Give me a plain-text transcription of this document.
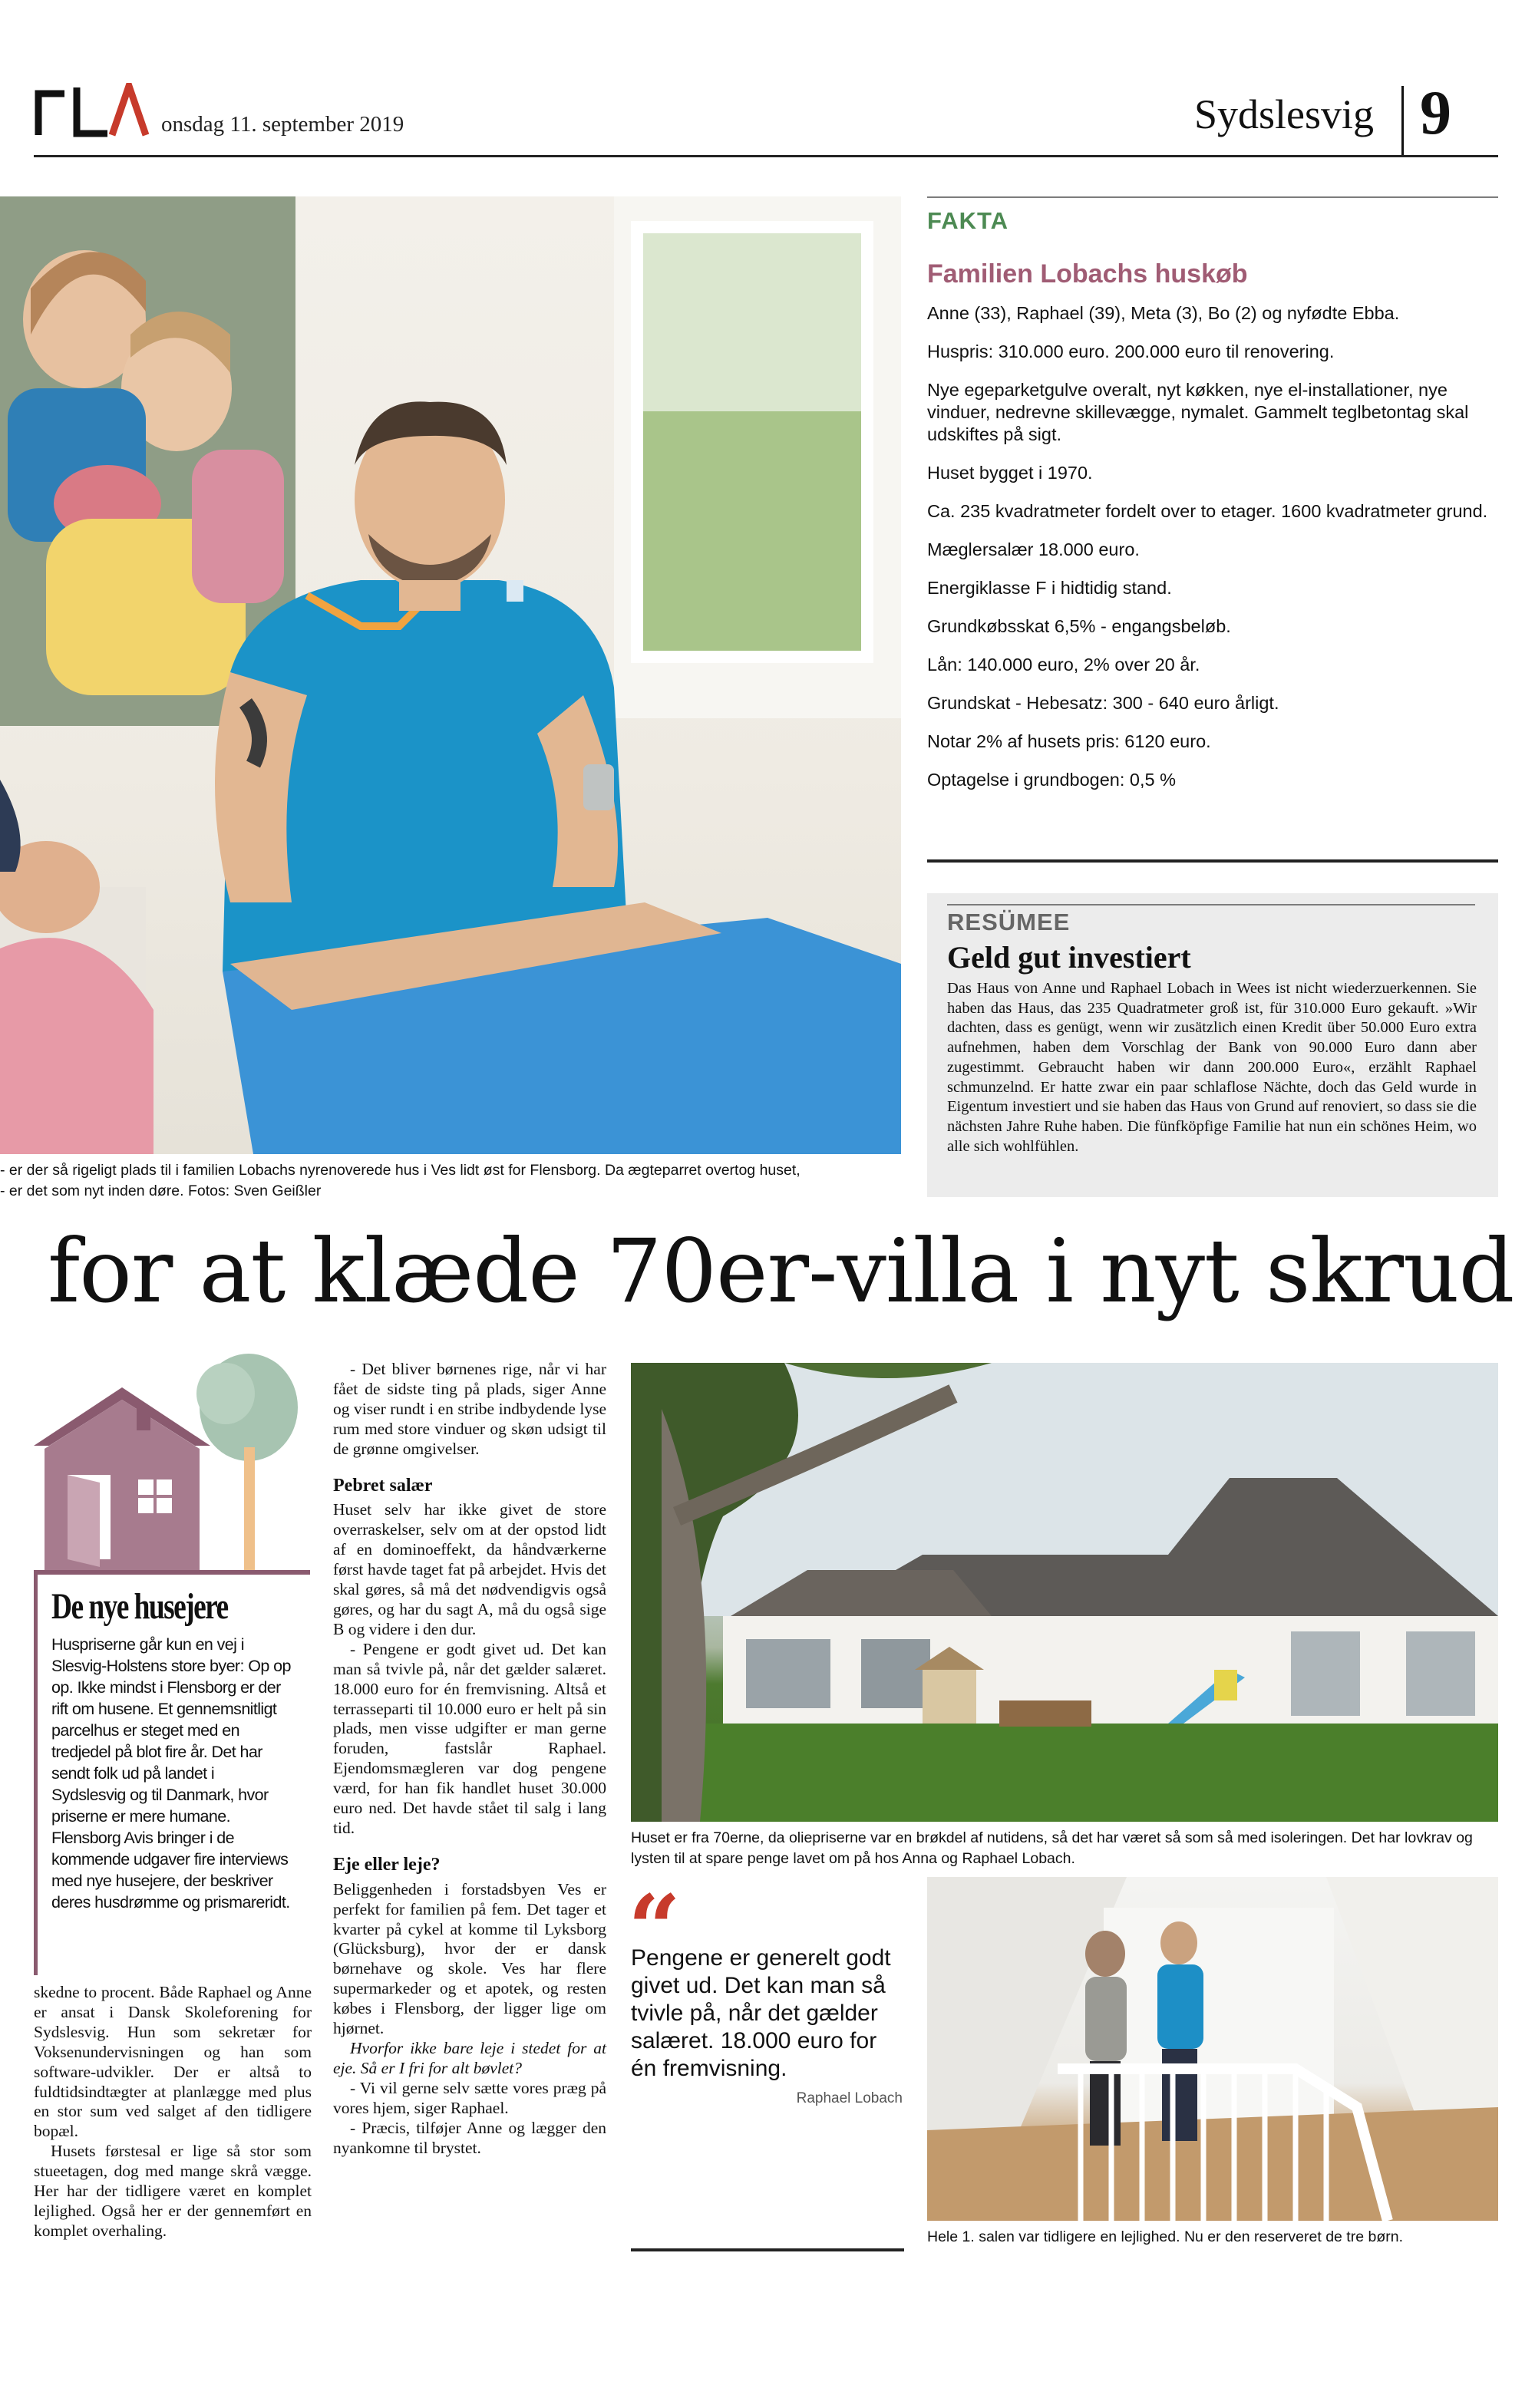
onsdag 11. september 2019	Sydslesvig 9
- er der så rigeligt plads til i familien Lobachs nyrenoverede hus i Ves lidt øst for Flensborg. Da ægteparret overtog huset,
- er det som nyt inden døre. Fotos: Sven Geißler
FAKTA
Familien Lobachs huskøb
Anne (33), Raphael (39), Meta (3), Bo (2) og nyfødte Ebba.
Huspris: 310.000 euro. 200.000 euro til renovering.
Nye egeparketgulve overalt, nyt køkken, nye el-installationer, nye vinduer, nedrevne skillevægge, nymalet. Gammelt teglbetontag skal udskiftes på sigt.
Huset bygget i 1970.
Ca. 235 kvadratmeter fordelt over to etager. 1600 kvadratmeter grund.
Mæglersalær 18.000 euro.
Energiklasse F i hidtidig stand.
Grundkøbsskat 6,5% - engangsbeløb.
Lån: 140.000 euro, 2% over 20 år.
Grundskat - Hebesatz: 300 - 640 euro årligt.
Notar 2% af husets pris: 6120 euro.
Optagelse i grundbogen: 0,5 %
RESÜMEE
Geld gut investiert
Das Haus von Anne und Raphael Lobach in Wees ist nicht wiederzuerkennen. Sie haben das Haus, das 235 Quadratmeter groß ist, für 310.000 Euro gekauft. »Wir dachten, dass es genügt, wenn wir zusätzlich einen Kredit über 50.000 Euro extra aufnehmen, haben dem Vorschlag der Bank von 90.000 Euro dann aber zugestimmt. Gebraucht haben wir dann 200.000 Euro«, erzählt Raphael schmunzelnd. Er hatte zwar ein paar schlaflose Nächte, doch das Geld wurde in Eigentum investiert und sie haben das Haus von Grund auf renoviert, so dass sie die nächsten Jahre Ruhe haben. Die fünfköpfige Familie hat nun ein schönes Heim, wo alle sich wohlfühlen.
for at klæde 70er-villa i nyt skrud
De nye husejere
Huspriserne går kun en vej i Slesvig-Holstens store byer: Op op op. Ikke mindst i Flensborg er der rift om husene. Et gennemsnitligt parcelhus er steget med en tredjedel på blot fire år. Det har sendt folk ud på landet i Sydslesvig og til Danmark, hvor priserne er mere humane. Flensborg Avis bringer i de kommende udgaver fire interviews med nye husejere, der beskriver deres husdrømme og prismareridt.

skedne to procent. Både Raphael og Anne er ansat i Dansk Skoleforening for Sydslesvig. Hun som sekretær for Voksenundervisningen og han som software-udvikler. Der er altså to fuldtidsindtægter at planlægge med plus en stor sum ved salget af den tidligere bopæl.

Husets førstesal er lige så stor som stueetagen, dog med mange skrå vægge. Her har der tidligere været en komplet lejlighed. Også her er der gennemført en komplet overhaling.

- Det bliver børnenes rige, når vi har fået de sidste ting på plads, siger Anne og viser rundt i en stribe indbydende lyse rum med store vinduer og skøn udsigt til de grønne omgivelser.

Pebret salær

Huset selv har ikke givet de store overraskelser, selv om at der opstod lidt af en dominoeffekt, da håndværkerne først havde taget fat på arbejdet. Hvis det skal gøres, så må det nødvendigvis også gøres, og har du sagt A, må du også sige B og videre i den dur.

- Pengene er godt givet ud. Det kan man så tvivle på, når det gælder salæret. 18.000 euro for én fremvisning. Altså et terrasseparti til 10.000 euro er helt på sin plads, men visse udgifter er man gerne foruden, fastslår Raphael. Ejendomsmægleren var dog pengene værd, for han fik handlet huset 30.000 euro ned. Det havde stået til salg i lang tid.

Eje eller leje?

Beliggenheden i forstadsbyen Ves er perfekt for familien på fem. Det tager et kvarter på cykel at komme til Lyksborg (Glücksburg), hvor der er dansk børnehave og skole. Ves har flere supermarkeder og et apotek, og resten købes i Flensborg, der ligger lige om hjørnet.

Hvorfor ikke bare leje i stedet for at eje. Så er I fri for alt bøvlet?

- Vi vil gerne selv sætte vores præg på vores hjem, siger Raphael.

- Præcis, tilføjer Anne og lægger den nyankomne til brystet.

Huset er fra 70erne, da oliepriserne var en brøkdel af nutidens, så det har været så som så med isoleringen. Det har lovkrav og lysten til at spare penge lavet om på hos Anna og Raphael Lobach.
“
Pengene er generelt godt givet ud. Det kan man så tvivle på, når det gælder salæret. 18.000 euro for én fremvisning.
Raphael Lobach
Hele 1. salen var tidligere en lejlighed. Nu er den reserveret de tre børn.
